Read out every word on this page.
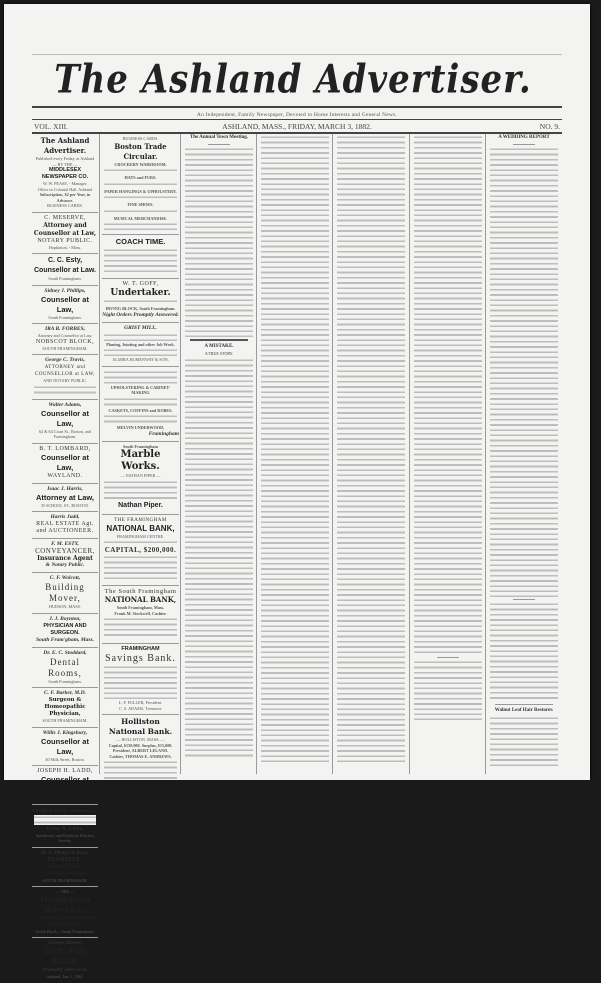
The Ashland Advertiser.
An Independent, Family Newspaper, Devoted to Home Interests and General News.
VOL. XIII.	ASHLAND, MASS., FRIDAY, MARCH 3, 1882.	NO. 9.
The Ashland Advertiser.
Published every Friday, at Ashland
— BY THE —
MIDDLESEX NEWSPAPER CO.
W. W. PEASE, - Manager.
Office in Colonial Hall, Ashland
Subscription, $2 per Year, in Advance.
BUSINESS CARDS.
C. MESERVE,
Attorney and Counsellor at Law,
NOTARY PUBLIC.
Hopkinton, - Mass.
C. C. Esty,
Counsellor at Law.
South Framingham.
Sidney J. Phillips,
Counsellor at Law,
South Framingham.
IRA B. FORBES,
Attorney and Counsellor at Law,
NOBSCOT BLOCK,
SOUTH FRAMINGHAM.
George C. Travis,
ATTORNEY and COUNSELLOR at LAW,
AND NOTARY PUBLIC.
Walter Adams,
Counsellor at Law,
62 & 64 Court St., Boston, and Framingham.
B. T. LOMBARD,
Counsellor at Law,
WAYLAND.
Isaac J. Harris,
Attorney at Law,
35 SCHOOL ST., BOSTON.
Harris Judd,
REAL ESTATE Agt.
and AUCTIONEER.
F. M. ESTY,
CONVEYANCER,
Insurance Agent
& Notary Public.
C. F. Wolcott,
Building Mover,
HUDSON, MASS.
J. J. Boynton,
PHYSICIAN AND SURGEON.
South Fram'gham, Mass.
Dr. E. C. Stoddard,
Dental Rooms,
South Framingham.
C. F. Barker, M.D.
Surgeon & Homeopathic Physician,
SOUTH FRAMINGHAM.
Willis J. Kingsbury,
Counsellor at Law,
40 Milk Street, Boston.
JOSEPH H. LADD,
GEORGE HICK, Pharmacist,
Cyrus N. Gibbs,
Apothecary and Dealer in Watches, Jewelry.
H. S. Phelps & Sons,
FLORISTS,
Roslin Farm Conservatories
SOUTH FRAMINGHAM.
— THE —
Framingham Wheel Co.,
Carriage Wheels and Wheel Stock.
Union Block, - South Framingham.
George Haven,
COAL AND WOOD.
Promptly Answered.
Ashland, Jan. 1, 1882.
BUSINESS CARDS.
Boston Trade Circular.
CROCKERY WAREROOM.
HATS and FURS.
PAPER HANGINGS & UPHOLSTERY.
FINE SHOES.
MUSICAL MERCHANDISE.
COACH TIME.
W. T. GOFF,
Undertaker.
IRVING BLOCK, South Framingham.
Night Orders Promptly Answered.
GRIST MILL.
Planing, Jointing and other Job Work.
ALMIRA HUMENWAY & SON,
UPHOLSTERING & CABINET-MAKING
CASKETS, COFFINS and ROBES.
MELVIN UNDERWOOD,
Framingham
South Framingham
Marble Works.
— NATHAN PIPER —
Nathan Piper.
THE FRAMINGHAM
NATIONAL BANK,
FRAMINGHAM CENTRE.
CAPITAL, $200,000.
The South Framingham
NATIONAL BANK,
South Framingham, Mass.
Frank M. Stockwell, Cashier.
FRAMINGHAM
Savings Bank.
L. F. FULLER, President.
C. S. ADAMS, Treasurer.
Holliston National Bank.
— HOLLISTON, MASS. —
Capital, $150,000. Surplus, $15,000.
President, ALBERT LELAND.
Cashier, THOMAS E. ANDREWS.
The Annual Town Meeting.
A MISTAKE.
A TRUE STORY.
A WEDDING REPORT
Walnut Leaf Hair Restorer.
